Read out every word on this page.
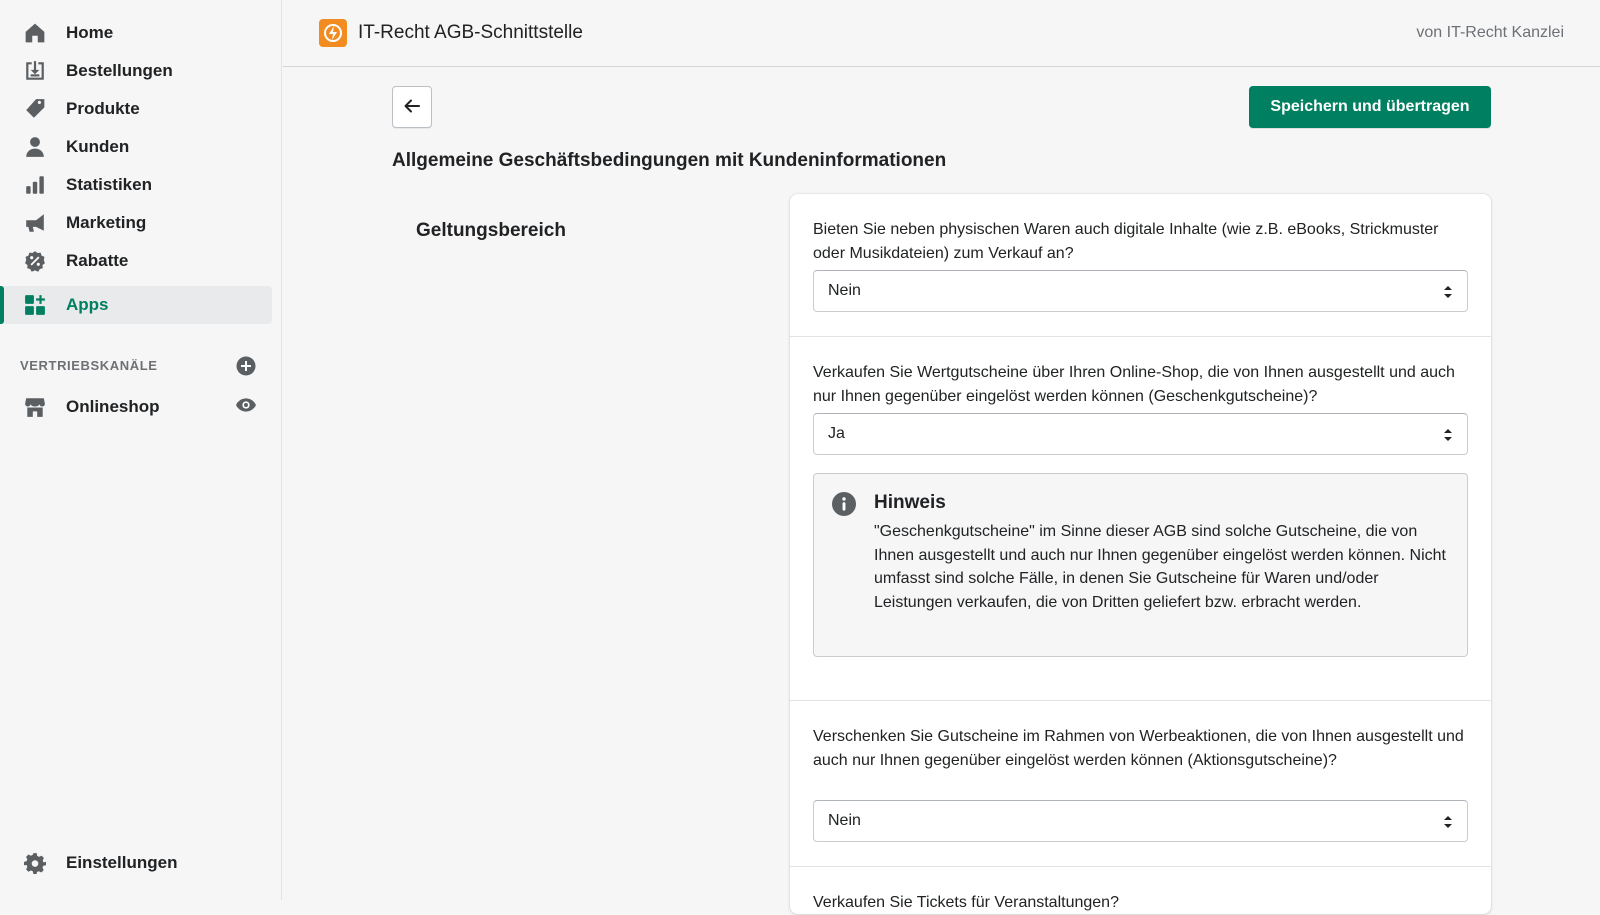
Home
Bestellungen
Produkte
Kunden
Statistiken
Marketing
Rabatte
Apps
VERTRIEBSKANÄLE
Onlineshop
Einstellungen
IT-Recht AGB-Schnittstelle	von IT-Recht Kanzlei
Speichern und übertragen
Allgemeine Geschäftsbedingungen mit Kundeninformationen
Geltungsbereich	Bieten Sie neben physischen Waren auch digitale Inhalte (wie z.B. eBooks, Strickmuster oder Musikdateien) zum Verkauf an?
Nein
Verkaufen Sie Wertgutscheine über Ihren Online-Shop, die von Ihnen ausgestellt und auch nur Ihnen gegenüber eingelöst werden können (Geschenkgutscheine)?
Ja
Hinweis
"Geschenkgutscheine" im Sinne dieser AGB sind solche Gutscheine, die von Ihnen ausgestellt und auch nur Ihnen gegenüber eingelöst werden können. Nicht umfasst sind solche Fälle, in denen Sie Gutscheine für Waren und/oder Leistungen verkaufen, die von Dritten geliefert bzw. erbracht werden.
Verschenken Sie Gutscheine im Rahmen von Werbeaktionen, die von Ihnen ausgestellt und auch nur Ihnen gegenüber eingelöst werden können (Aktionsgutscheine)?
Nein
Verkaufen Sie Tickets für Veranstaltungen?
